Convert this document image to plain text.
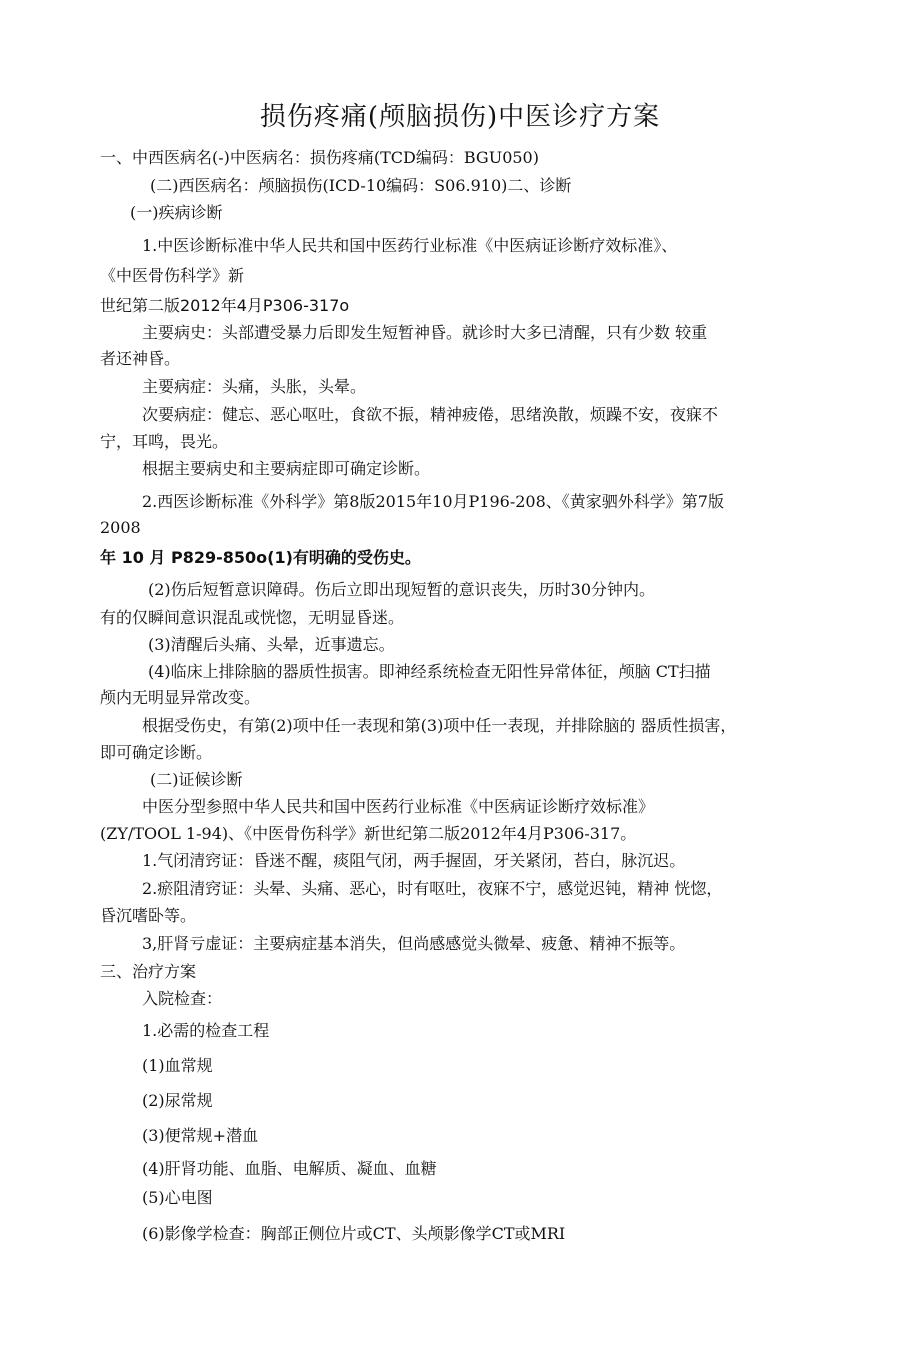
损伤疼痛(颅脑损伤)中医诊疗方案
一、中西医病名(-)中医病名：损伤疼痛(TCD编码：BGU050)
(二)西医病名：颅脑损伤(ICD-10编码：S06.910)二、诊断
(一)疾病诊断
1.中医诊断标准中华人民共和国中医药行业标准《中医病证诊断疗效标准》、
《中医骨伤科学》新
世纪第二版2012年4月P306-317o
主要病史：头部遭受暴力后即发生短暂神昏。就诊时大多已清醒，只有少数 较重
者还神昏。
主要病症：头痛，头胀，头晕。
次要病症：健忘、恶心呕吐，食欲不振，精神疲倦，思绪涣散，烦躁不安，夜寐不
宁，耳鸣，畏光。
根据主要病史和主要病症即可确定诊断。
2.西医诊断标准《外科学》第8版2015年10月P196-208、《黄家驷外科学》第7版
2008
年 10 月 P829-850o(1)有明确的受伤史。
(2)伤后短暂意识障碍。伤后立即出现短暂的意识丧失，历时30分钟内。
有的仅瞬间意识混乱或恍惚，无明显昏迷。
(3)清醒后头痛、头晕，近事遗忘。
(4)临床上排除脑的器质性损害。即神经系统检查无阳性异常体征，颅脑 CT扫描
颅内无明显异常改变。
根据受伤史，有第(2)项中任一表现和第(3)项中任一表现，并排除脑的 器质性损害，
即可确定诊断。
(二)证候诊断
中医分型参照中华人民共和国中医药行业标准《中医病证诊断疗效标准》
(ZY/TOOL 1-94)、《中医骨伤科学》新世纪第二版2012年4月P306-317。
1.气闭清窍证：昏迷不醒，痰阻气闭，两手握固，牙关紧闭，苔白，脉沉迟。
2.瘀阻清窍证：头晕、头痛、恶心，时有呕吐，夜寐不宁，感觉迟钝，精神 恍惚，
昏沉嗜卧等。
3,肝肾亏虚证：主要病症基本消失，但尚感感觉头微晕、疲惫、精神不振等。
三、治疗方案
入院检查：
1.必需的检查工程
(1)血常规
(2)尿常规
(3)便常规+潜血
(4)肝肾功能、血脂、电解质、凝血、血糖
(5)心电图
(6)影像学检查：胸部正侧位片或CT、头颅影像学CT或MRI
